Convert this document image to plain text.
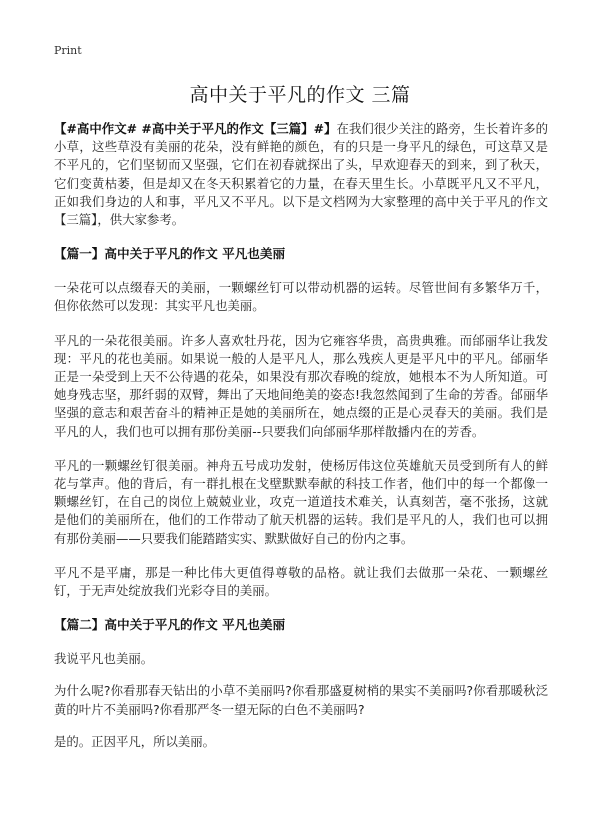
Print
高中关于平凡的作文 三篇

【#高中作文# #高中关于平凡的作文【三篇】#】在我们很少关注的路旁，生长着许多的小草，这些草没有美丽的花朵，没有鲜艳的颜色，有的只是一身平凡的绿色，可这草又是不平凡的，它们坚韧而又坚强，它们在初春就探出了头，早欢迎春天的到来，到了秋天，它们变黄枯萎，但是却又在冬天积累着它的力量，在春天里生长。小草既平凡又不平凡，正如我们身边的人和事，平凡又不平凡。以下是文档网为大家整理的高中关于平凡的作文【三篇】，供大家参考。

【篇一】高中关于平凡的作文 平凡也美丽

一朵花可以点缀春天的美丽，一颗螺丝钉可以带动机器的运转。尽管世间有多繁华万千，但你依然可以发现：其实平凡也美丽。

平凡的一朵花很美丽。许多人喜欢牡丹花，因为它雍容华贵，高贵典雅。而邰丽华让我发现：平凡的花也美丽。如果说一般的人是平凡人，那么残疾人更是平凡中的平凡。邰丽华正是一朵受到上天不公待遇的花朵，如果没有那次春晚的绽放，她根本不为人所知道。可她身残志坚，那纤弱的双臂，舞出了天地间绝美的姿态!我忽然闻到了生命的芳香。邰丽华坚强的意志和艰苦奋斗的精神正是她的美丽所在，她点缀的正是心灵春天的美丽。我们是平凡的人，我们也可以拥有那份美丽--只要我们向邰丽华那样散播内在的芳香。

平凡的一颗螺丝钉很美丽。神舟五号成功发射，使杨厉伟这位英雄航天员受到所有人的鲜花与掌声。他的背后，有一群扎根在戈壁默默奉献的科技工作者，他们中的每一个都像一颗螺丝钉，在自己的岗位上兢兢业业，攻克一道道技术难关，认真刻苦，毫不张扬，这就是他们的美丽所在，他们的工作带动了航天机器的运转。我们是平凡的人，我们也可以拥有那份美丽——只要我们能踏踏实实、默默做好自己的份内之事。

平凡不是平庸，那是一种比伟大更值得尊敬的品格。就让我们去做那一朵花、一颗螺丝钉，于无声处绽放我们光彩夺目的美丽。

【篇二】高中关于平凡的作文 平凡也美丽

我说平凡也美丽。

为什么呢?你看那春天钻出的小草不美丽吗?你看那盛夏树梢的果实不美丽吗?你看那暖秋泛黄的叶片不美丽吗?你看那严冬一望无际的白色不美丽吗?

是的。正因平凡，所以美丽。
